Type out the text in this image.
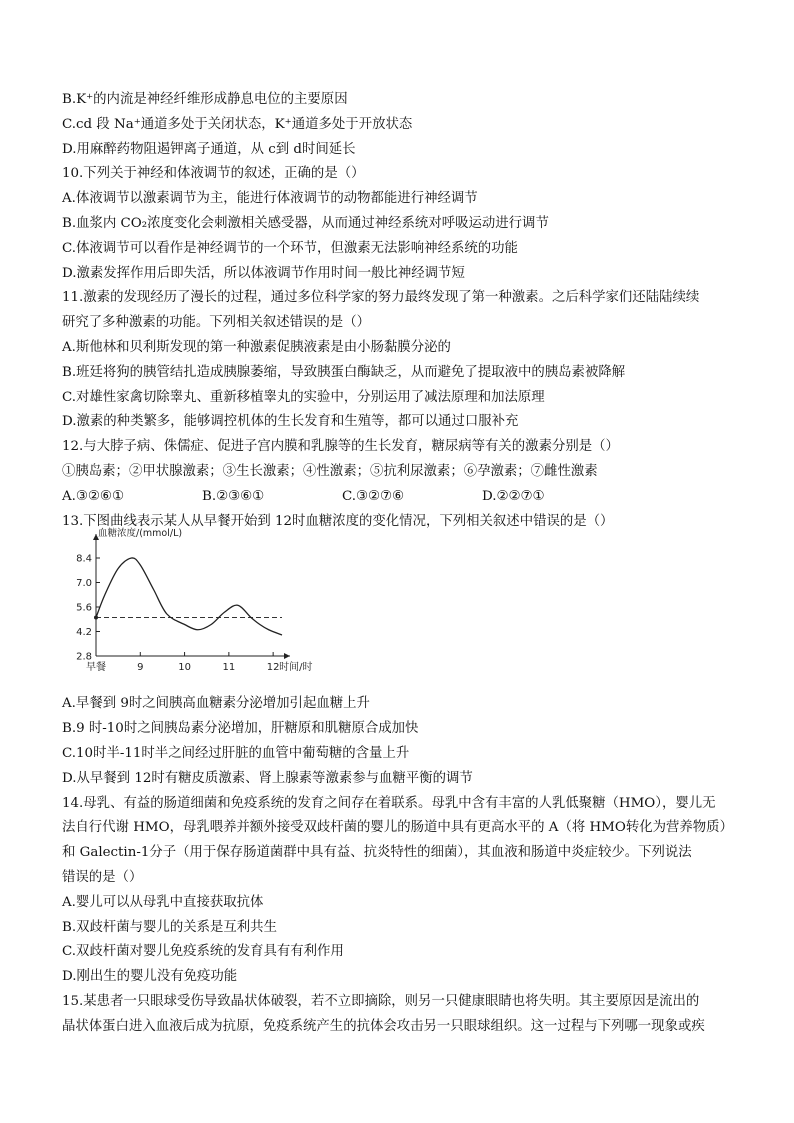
B.K⁺的内流是神经纤维形成静息电位的主要原因
C.cd 段 Na⁺通道多处于关闭状态，K⁺通道多处于开放状态
D.用麻醉药物阻遏钾离子通道，从 c到 d时间延长
10.下列关于神经和体液调节的叙述，正确的是（）
A.体液调节以激素调节为主，能进行体液调节的动物都能进行神经调节
B.血浆内 CO₂浓度变化会刺激相关感受器，从而通过神经系统对呼吸运动进行调节
C.体液调节可以看作是神经调节的一个环节，但激素无法影响神经系统的功能
D.激素发挥作用后即失活，所以体液调节作用时间一般比神经调节短
11.激素的发现经历了漫长的过程，通过多位科学家的努力最终发现了第一种激素。之后科学家们还陆陆续续
研究了多种激素的功能。下列相关叙述错误的是（）
A.斯他林和贝利斯发现的第一种激素促胰液素是由小肠黏膜分泌的
B.班廷将狗的胰管结扎造成胰腺萎缩，导致胰蛋白酶缺乏，从而避免了提取液中的胰岛素被降解
C.对雄性家禽切除睾丸、重新移植睾丸的实验中，分别运用了减法原理和加法原理
D.激素的种类繁多，能够调控机体的生长发育和生殖等，都可以通过口服补充
12.与大脖子病、侏儒症、促进子宫内膜和乳腺等的生长发育，糖尿病等有关的激素分别是（）
①胰岛素；②甲状腺激素；③生长激素；④性激素；⑤抗利尿激素；⑥孕激素；⑦雌性激素
A.③②⑥①	B.②③⑥①	C.③②⑦⑥	D.②②⑦①
13.下图曲线表示某人从早餐开始到 12时血糖浓度的变化情况，下列相关叙述中错误的是（）
血糖浓度/(mmol/L)
8.4
7.0
5.6
4.2
2.8
早餐	9	10	11	12 时间/时
A.早餐到 9时之间胰高血糖素分泌增加引起血糖上升
B.9 时-10时之间胰岛素分泌增加，肝糖原和肌糖原合成加快
C.10时半-11时半之间经过肝脏的血管中葡萄糖的含量上升
D.从早餐到 12时有糖皮质激素、肾上腺素等激素参与血糖平衡的调节
14.母乳、有益的肠道细菌和免疫系统的发育之间存在着联系。母乳中含有丰富的人乳低聚糖（HMO），婴儿无
法自行代谢 HMO，母乳喂养并额外接受双歧杆菌的婴儿的肠道中具有更高水平的 A（将 HMO转化为营养物质）
和 Galectin-1分子（用于保存肠道菌群中具有益、抗炎特性的细菌），其血液和肠道中炎症较少。下列说法
错误的是（）
A.婴儿可以从母乳中直接获取抗体
B.双歧杆菌与婴儿的关系是互利共生
C.双歧杆菌对婴儿免疫系统的发育具有有利作用
D.刚出生的婴儿没有免疫功能
15.某患者一只眼球受伤导致晶状体破裂，若不立即摘除，则另一只健康眼睛也将失明。其主要原因是流出的
晶状体蛋白进入血液后成为抗原，免疫系统产生的抗体会攻击另一只眼球组织。这一过程与下列哪一现象或疾
